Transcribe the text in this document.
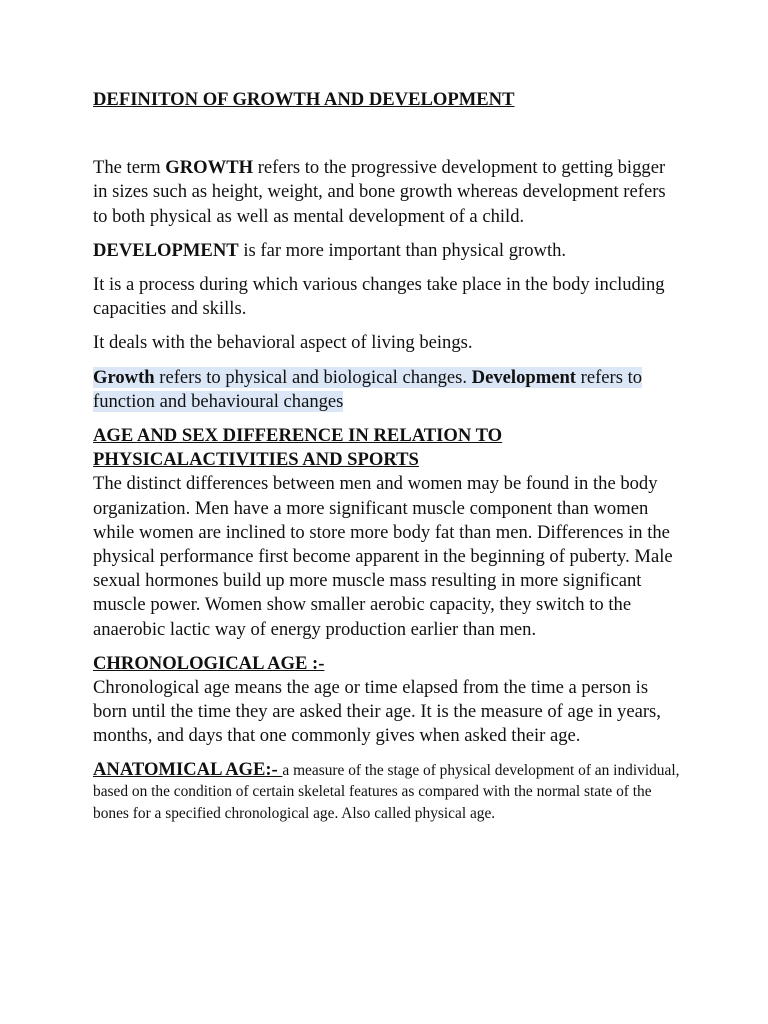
DEFINITON OF GROWTH AND DEVELOPMENT

The term GROWTH refers to the progressive development to getting bigger in sizes such as height, weight, and bone growth whereas development refers to both physical as well as mental development of a child.

DEVELOPMENT is far more important than physical growth.

It is a process during which various changes take place in the body including capacities and skills.

It deals with the behavioral aspect of living beings.

Growth refers to physical and biological changes. Development refers to function and behavioural changes

AGE AND SEX DIFFERENCE IN RELATION TO
PHYSICALACTIVITIES AND SPORTS

The distinct differences between men and women may be found in the body organization. Men have a more significant muscle component than women while women are inclined to store more body fat than men. Differences in the physical performance first become apparent in the beginning of puberty. Male sexual hormones build up more muscle mass resulting in more significant muscle power. Women show smaller aerobic capacity, they switch to the anaerobic lactic way of energy production earlier than men.

CHRONOLOGICAL AGE :-

Chronological age means the age or time elapsed from the time a person is born until the time they are asked their age. It is the measure of age in years, months, and days that one commonly gives when asked their age.

ANATOMICAL AGE:- a measure of the stage of physical development of an individual, based on the condition of certain skeletal features as compared with the normal state of the bones for a specified chronological age. Also called physical age.
